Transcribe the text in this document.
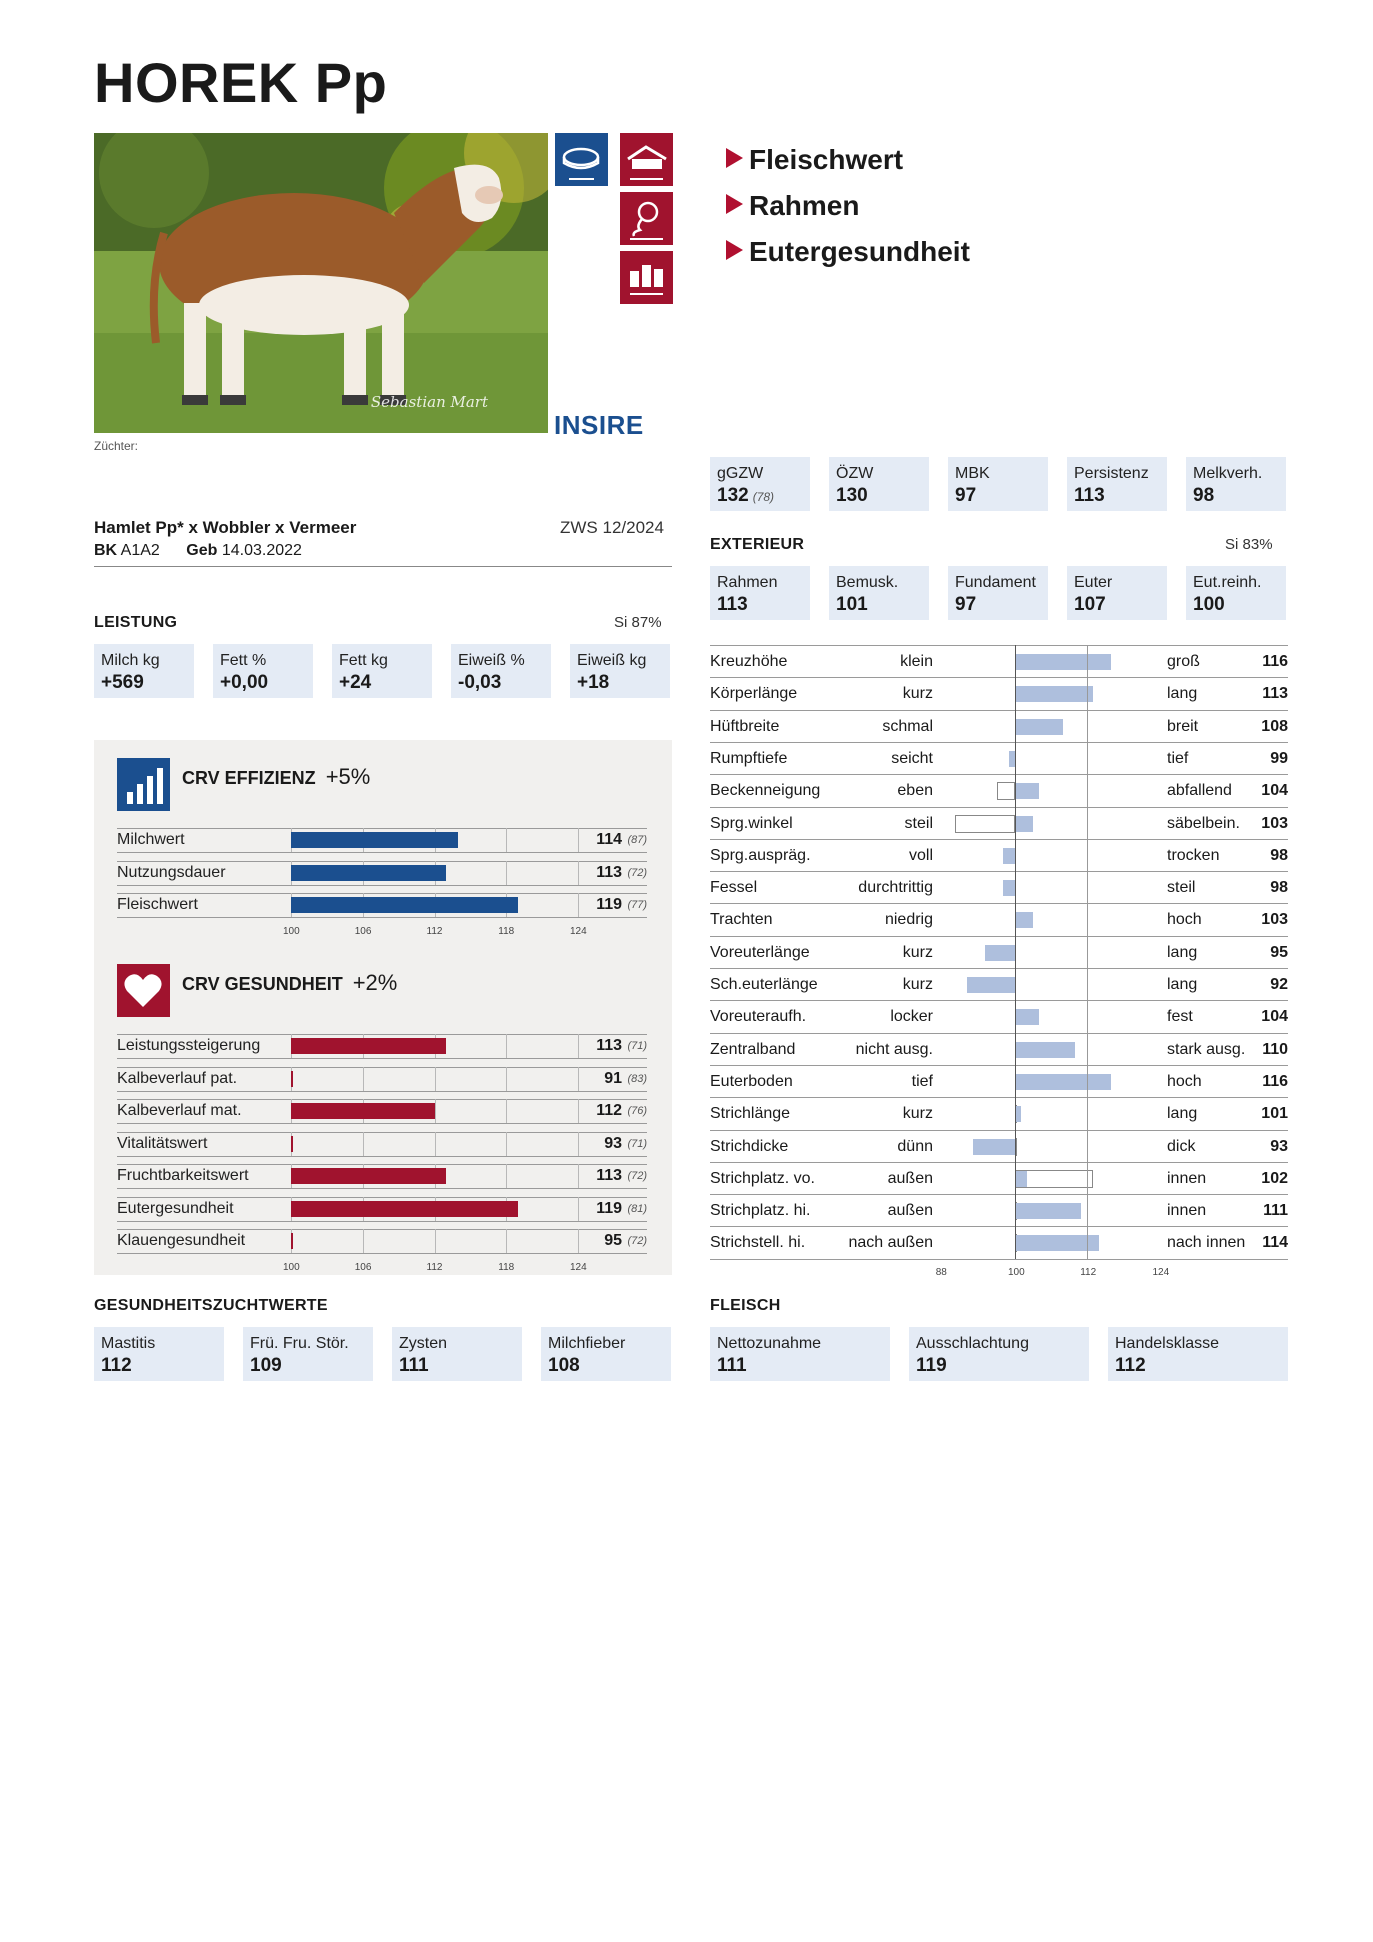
HOREK Pp
Sebastian Mart
Züchter:
INSIRE
Fleischwert
Rahmen
Eutergesundheit
gGZW
132 (78)
ÖZW
130
MBK
97
Persistenz
113
Melkverh.
98
Hamlet Pp* x Wobbler x Vermeer
BK A1A2 Geb 14.03.2022
ZWS 12/2024
LEISTUNG	Si 87%
Milch kg
+569
Fett %
+0,00
Fett kg
+24
Eiweiß %
-0,03
Eiweiß kg
+18
CRV EFFIZIENZ +5%
Milchwert	114 (87)
Nutzungsdauer	113 (72)
Fleischwert	119 (77)
100	106	112	118	124
CRV GESUNDHEIT +2%
Leistungssteigerung	113 (71)
Kalbeverlauf pat.	91 (83)
Kalbeverlauf mat.	112 (76)
Vitalitätswert	93 (71)
Fruchtbarkeitswert	113 (72)
Eutergesundheit	119 (81)
Klauengesundheit	95 (72)
100	106	112	118	124
GESUNDHEITSZUCHTWERTE
Mastitis
112
Frü. Fru. Stör.
109
Zysten
111
Milchfieber
108
EXTERIEUR	Si 83%
Rahmen
113
Bemusk.
101
Fundament
97
Euter
107
Eut.reinh.
100
Kreuzhöhe	klein	groß	116
Körperlänge	kurz	lang	113
Hüftbreite	schmal	breit	108
Rumpftiefe	seicht	tief	99
Beckenneigung	eben	abfallend 104
Sprg.winkel	steil	säbelbein. 103
Sprg.auspräg.	voll	trocken	98
Fessel	durchtrittig	steil	98
Trachten	niedrig	hoch	103
Voreuterlänge	kurz	lang	95
Sch.euterlänge	kurz	lang	92
Voreuteraufh.	locker	fest	104
Zentralband	nicht ausg.	stark ausg. 110
Euterboden	tief	hoch	116
Strichlänge	kurz	lang	101
Strichdicke	dünn	dick	93
Strichplatz. vo.	außen	innen	102
Strichplatz. hi.	außen	innen	111
Strichstell. hi.	nach außen	nach innen 114
88	100	112	124
FLEISCH
Nettozunahme
111
Ausschlachtung
119
Handelsklasse
112
